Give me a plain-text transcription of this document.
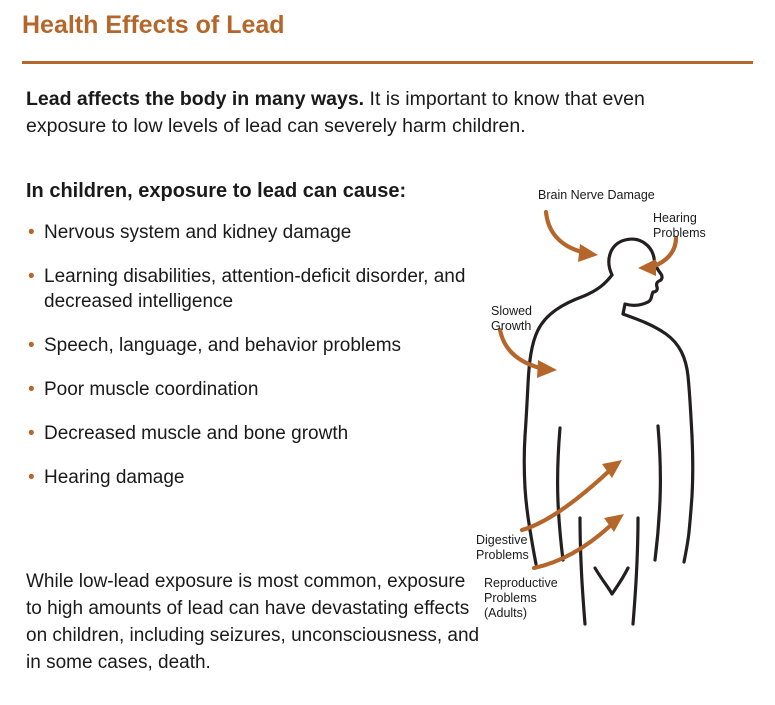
Health Effects of Lead
Lead affects the body in many ways. It is important to know that even exposure to low levels of lead can severely harm children.
In children, exposure to lead can cause:
• Nervous system and kidney damage
• Learning disabilities, attention-deficit disorder, and decreased intelligence
• Speech, language, and behavior problems
• Poor muscle coordination
• Decreased muscle and bone growth
• Hearing damage
While low-lead exposure is most common, exposure to high amounts of lead can have devastating effects on children, including seizures, unconsciousness, and in some cases, death.
Brain Nerve Damage
Hearing
Problems
Slowed
Growth
Digestive
Problems
Reproductive
Problems
(Adults)
